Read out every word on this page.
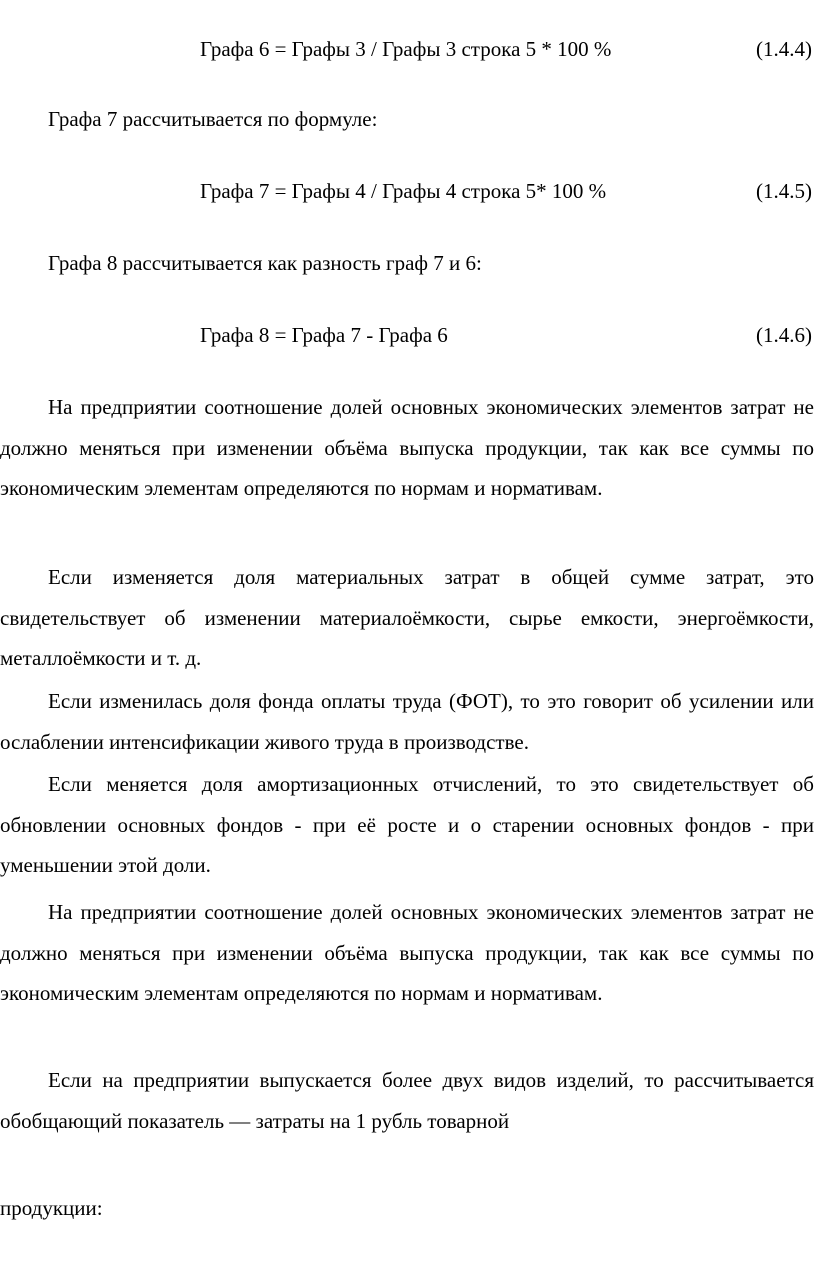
Графа 6 = Графы 3 / Графы 3 строка 5 * 100 %	(1.4.4)
Графа 7 рассчитывается по формуле:
Графа 7 = Графы 4 / Графы 4 строка 5* 100 %	(1.4.5)
Графа 8 рассчитывается как разность граф 7 и 6:
Графа 8 = Графа 7 - Графа 6	(1.4.6)

На предприятии соотношение долей основных экономических элементов затрат не должно меняться при изменении объёма выпуска продукции, так как все суммы по экономическим элементам определяются по нормам и нормативам.

Если изменяется доля материальных затрат в общей сумме затрат, это свидетельствует об изменении материалоёмкости, сырье емкости, энергоёмкости, металлоёмкости и т. д.

Если изменилась доля фонда оплаты труда (ФОТ), то это говорит об усилении или ослаблении интенсификации живого труда в производстве.

Если меняется доля амортизационных отчислений, то это свидетельствует об обновлении основных фондов - при её росте и о старении основных фондов - при уменьшении этой доли.

На предприятии соотношение долей основных экономических элементов затрат не должно меняться при изменении объёма выпуска продукции, так как все суммы по экономическим элементам определяются по нормам и нормативам.

Если на предприятии выпускается более двух видов изделий, то рассчитывается обобщающий показатель — затраты на 1 рубль товарной

продукции:
